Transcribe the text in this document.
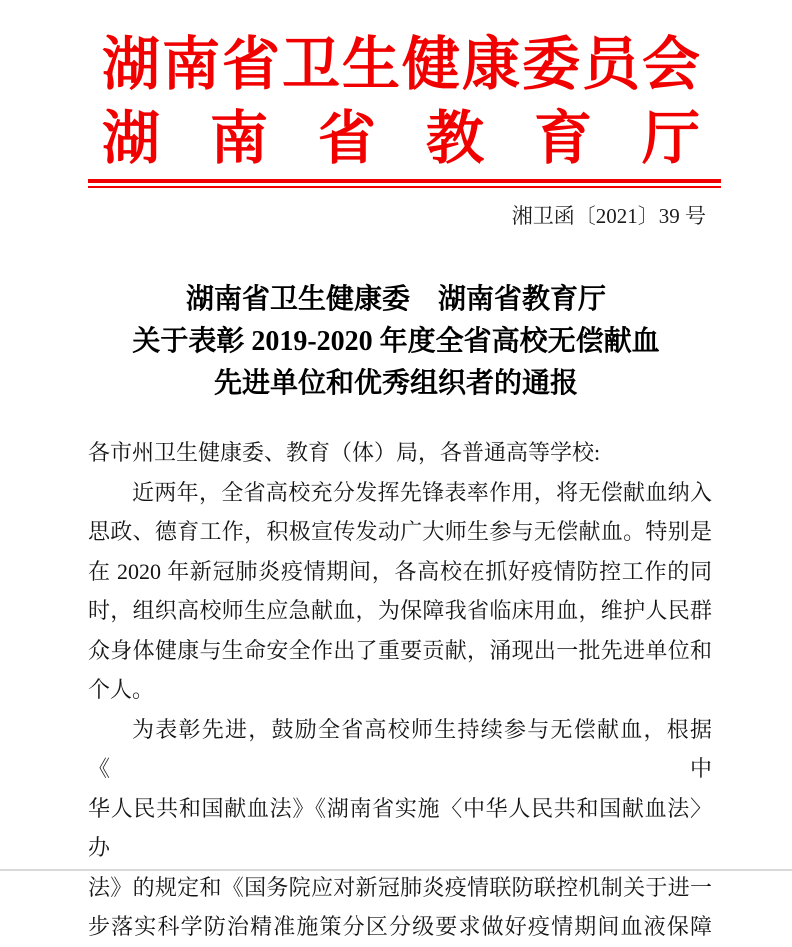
湖南省卫生健康委员会
湖南省教育厅
湘卫函〔2021〕39 号
湖南省卫生健康委　湖南省教育厅
关于表彰 2019-2020 年度全省高校无偿献血
先进单位和优秀组织者的通报
各市州卫生健康委、教育（体）局，各普通高等学校:
近两年，全省高校充分发挥先锋表率作用，将无偿献血纳入
思政、德育工作，积极宣传发动广大师生参与无偿献血。特别是
在 2020 年新冠肺炎疫情期间，各高校在抓好疫情防控工作的同
时，组织高校师生应急献血，为保障我省临床用血，维护人民群
众身体健康与生命安全作出了重要贡献，涌现出一批先进单位和
个人。
为表彰先进，鼓励全省高校师生持续参与无偿献血，根据《中
华人民共和国献血法》《湖南省实施〈中华人民共和国献血法〉办
法》的规定和《国务院应对新冠肺炎疫情联防联控机制关于进一
步落实科学防治精准施策分区分级要求做好疫情期间血液保障
